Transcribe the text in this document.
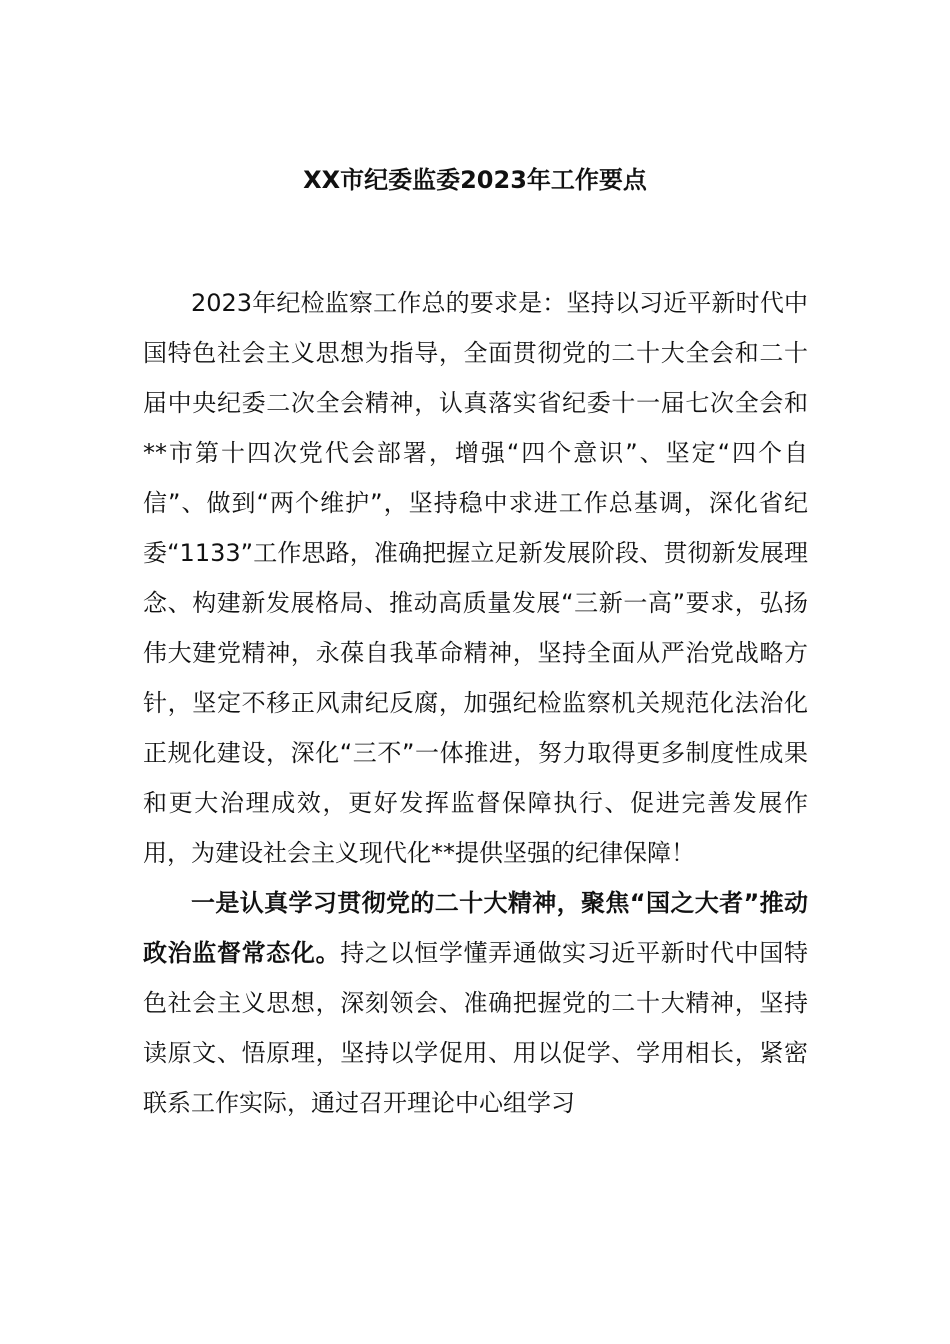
XX市纪委监委2023年工作要点

2023年纪检监察工作总的要求是：坚持以习近平新时代中国特色社会主义思想为指导，全面贯彻党的二十大全会和二十届中央纪委二次全会精神，认真落实省纪委十一届七次全会和**市第十四次党代会部署，增强“四个意识”、坚定“四个自信”、做到“两个维护”，坚持稳中求进工作总基调，深化省纪委“1133”工作思路，准确把握立足新发展阶段、贯彻新发展理念、构建新发展格局、推动高质量发展“三新一高”要求，弘扬伟大建党精神，永葆自我革命精神，坚持全面从严治党战略方针，坚定不移正风肃纪反腐，加强纪检监察机关规范化法治化正规化建设，深化“三不”一体推进，努力取得更多制度性成果和更大治理成效，更好发挥监督保障执行、促进完善发展作用，为建设社会主义现代化**提供坚强的纪律保障！

一是认真学习贯彻党的二十大精神，聚焦“国之大者”推动政治监督常态化。持之以恒学懂弄通做实习近平新时代中国特色社会主义思想，深刻领会、准确把握党的二十大精神，坚持读原文、悟原理，坚持以学促用、用以促学、学用相长，紧密联系工作实际，通过召开理论中心组学习
